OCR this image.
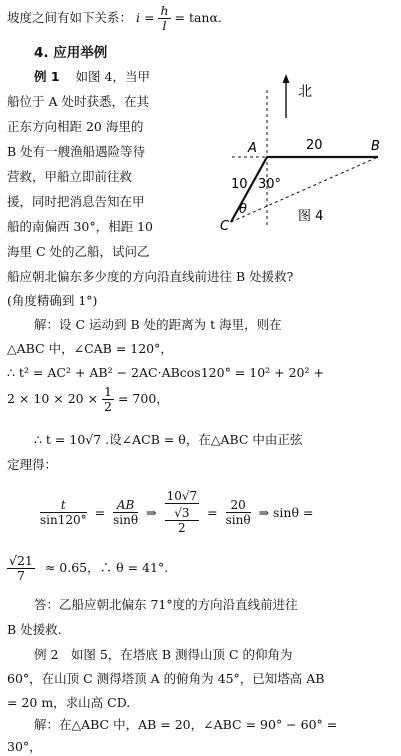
坡度之间有如下关系： $i = \frac{h}{l} = \tan\alpha$.
4. 应用举例
例 1 如图 4，当甲
船位于 A 处时获悉，在其
正东方向相距 20 海里的
B 处有一艘渔船遇险等待
营救，甲船立即前往救
援，同时把消息告知在甲
船的南偏西 30°，相距 10
海里 C 处的乙船，试问乙
船应朝北偏东多少度的方向沿直线前进往 B 处援救?
(角度精确到 1°)
北
A	B
C
20
10 30°
θ	图 4
解：设 C 运动到 B 处的距离为 t 海里，则在
△ABC 中，∠CAB = 120°，
∴ t² = AC² + AB² − 2AC·ABcos120° = 10² + 20² +
$2 \times 10 \times 20 \times \frac{1}{2} = 700$，
∴ t = 10√7 .设∠ACB = θ，在△ABC 中由正弦
定理得：
$\frac{t}{\sin 120^\circ} = \frac{AB}{\sin\theta}$ ⇒ 10√7
√3
$2 = \frac{20}{\sin\theta}$ ⇒ sinθ =
$\frac{√21}{7} \approx 0.65$，∴ θ = 41°.
答：乙船应朝北偏东 71°度的方向沿直线前进往
B 处援救.
例 2　如图 5，在塔底 B 测得山顶 C 的仰角为
60°，在山顶 C 测得塔顶 A 的俯角为 45°，已知塔高 AB
= 20 m，求山高 CD.
解：在△ABC 中，AB = 20，∠ABC = 90° − 60° =
30°，
